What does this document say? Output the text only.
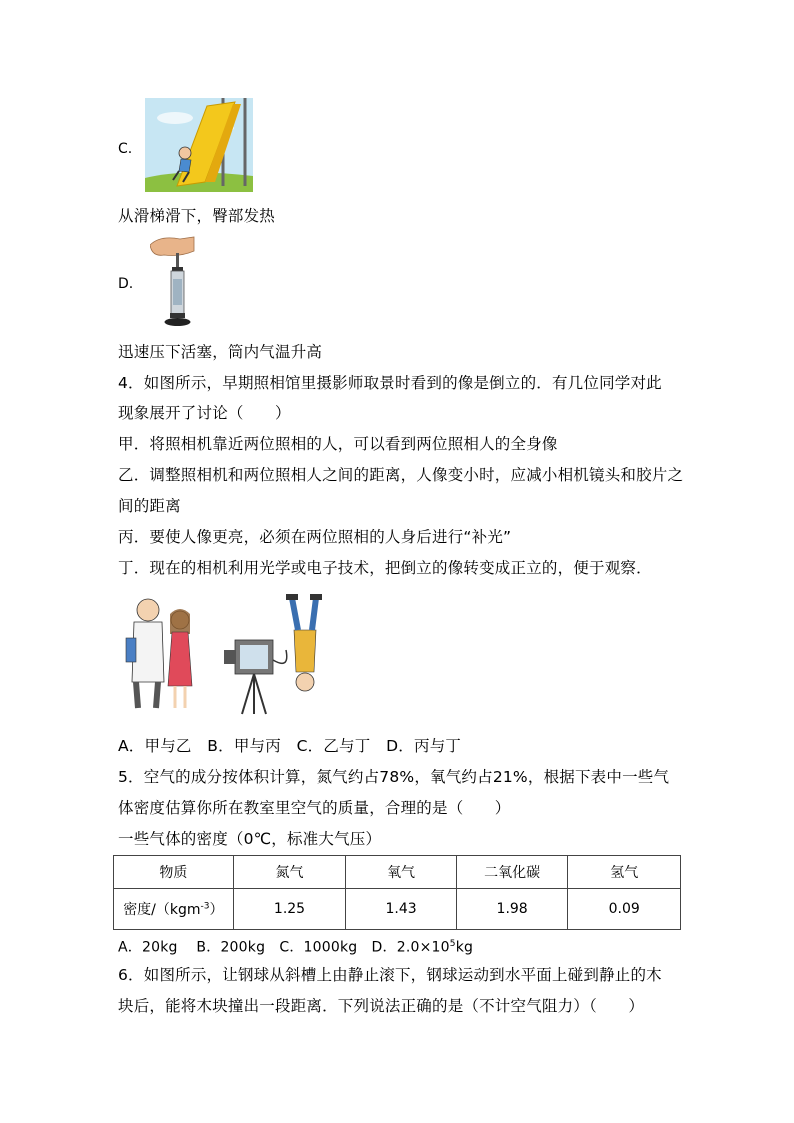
C.
从滑梯滑下，臀部发热
D.
迅速压下活塞，筒内气温升高
4．如图所示，早期照相馆里摄影师取景时看到的像是倒立的．有几位同学对此
现象展开了讨论（　　）
甲．将照相机靠近两位照相的人，可以看到两位照相人的全身像
乙．调整照相机和两位照相人之间的距离，人像变小时，应减小相机镜头和胶片之
间的距离
丙．要使人像更亮，必须在两位照相的人身后进行“补光”
丁．现在的相机利用光学或电子技术，把倒立的像转变成正立的，便于观察．
A．甲与乙　B．甲与丙　C．乙与丁　D．丙与丁
5．空气的成分按体积计算，氮气约占78%，氧气约占21%，根据下表中一些气
体密度估算你所在教室里空气的质量，合理的是（　　）
一些气体的密度（0℃，标准大气压）
物质	氮气	氧气	二氧化碳	氢气
密度/（kgm$^{-3}$）	1.25	1.43	1.98	0.09
A．20kg　 B．200kg　C．1000kg　D．$2.0\times 10^5kg$
6．如图所示，让钢球从斜槽上由静止滚下，钢球运动到水平面上碰到静止的木
块后，能将木块撞出一段距离．下列说法正确的是（不计空气阻力）（　　）
